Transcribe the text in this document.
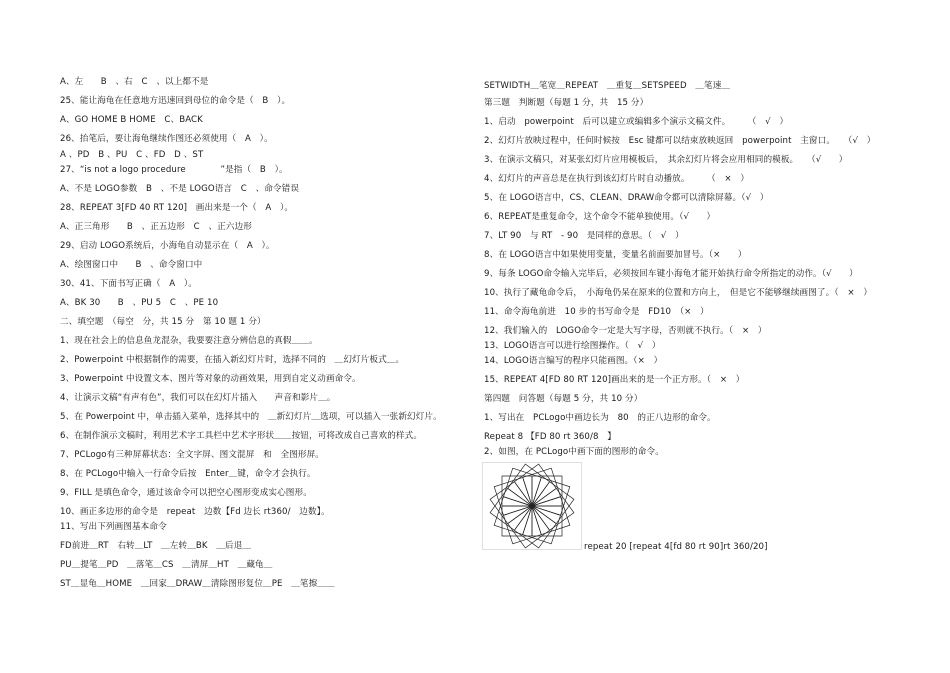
A、左　　B　、右　C　、以上都不是
25、能让海龟在任意地方迅速回到母位的命令是（　B　）。
A、GO HOME B HOME　C、BACK
26、抬笔后，要让海龟继续作图还必须使用（　A　）。
A 、PD　B 、PU　C 、FD　D 、ST
27、“is not a logo procedure　　　　”是指（　B　）。
A、不是 LOGO参数　B　、不是 LOGO语言　C　、命令错误
28、REPEAT 3[FD 40 RT 120]　画出来是一个（　A　）。
A、正三角形　　B　、正五边形　C　、正六边形
29、启动 LOGO系统后，小海龟自动显示在（　A　）。
A、绘图窗口中　　B　、命令窗口中
30、41、下面书写正确（　A　）。
A、BK 30　　B　、PU 5　C　、PE 10
二、填空题　（每空　分，共 15 分　第 10 题 1 分）
1、现在社会上的信息鱼龙混杂，我要要注意分辨信息的真假＿＿。
2、Powerpoint 中根据制作的需要，在插入新幻灯片时，选择不同的　＿幻灯片板式＿。
3、Powerpoint 中设置文本、图片等对象的动画效果，用到自定义动画命令。
4、让演示文稿“有声有色”，我们可以在幻灯片插入　　声音和影片＿。
5、在 Powerpoint 中，单击插入菜单，选择其中的　＿新幻灯片＿选项，可以插入一张新幻灯片。
6、在制作演示文稿时，利用艺术字工具栏中艺术字形状＿＿按钮，可将改成自己喜欢的样式。
7、PCLogo有三种屏幕状态：全文字屏、图文混屏　和　全图形屏。
8、在 PCLogo中输入一行命令后按　Enter＿键，命令才会执行。
9、FILL 是填色命令，通过该命令可以把空心图形变成实心图形。
10、画正多边形的命令是　repeat　边数【Fd 边长 rt360/　边数】。
11、写出下列画图基本命令
FD前进＿RT　右转＿LT　＿左转＿BK　＿后退＿
PU＿提笔＿PD　＿落笔＿CS　＿清屏＿HT　＿藏龟＿
ST＿显龟＿HOME　＿回家＿DRAW＿清除图形复位＿PE　＿笔擦＿＿
SETWIDTH＿笔宽＿REPEAT　＿重复＿SETSPEED　＿笔速＿
第三题　判断题（每题 1 分，共　15 分）
1、启动　powerpoint　后可以建立或编辑多个演示文稿文件。　　　（　√　）
2、幻灯片放映过程中，任何时候按　Esc 键都可以结束放映返回　powerpoint　主窗口。　　（√　）
3、在演示文稿只，对某张幻灯片应用模板后，　其余幻灯片将会应用相同的模板。　　（√　　）
4、幻灯片的声音总是在执行到该幻灯片时自动播放。　　　（　×　）
5、在 LOGO语言中，CS、CLEAN、DRAW命令都可以清除屏幕。（√　）
6、REPEAT是重复命令，这个命令不能单独使用。（√　　）
7、LT 90　与 RT　- 90　是同样的意思。（　√　）
8、在 LOGO语言中如果使用变量，变量名前面要加冒号。（×　　）
9、每条 LOGO命令输入完毕后，必须按回车键小海龟才能开始执行命令所指定的动作。（√　　）
10、执行了藏龟命令后，　小海龟仍呆在原来的位置和方向上，　但是它不能够继续画图了。（　×　）
11、命令海龟前进　10 步的书写命令是　FD10　（×　）
12、我们输入的　LOGO命令一定是大写字母，否则就不执行。（　×　）
13、LOGO语言可以进行绘图操作。（　√　）
14、LOGO语言编写的程序只能画图。（×　）
15、REPEAT 4[FD 80 RT 120]画出来的是一个正方形。（　×　）
第四题　问答题（每题 5 分，共 10 分）
1、写出在　PCLogo中画边长为　80　的正八边形的命令。
Repeat 8 【FD 80 rt 360/8　】
2、如图，在 PCLogo中画下面的图形的命令。
repeat 20 [repeat 4[fd 80 rt 90]rt 360/20]
